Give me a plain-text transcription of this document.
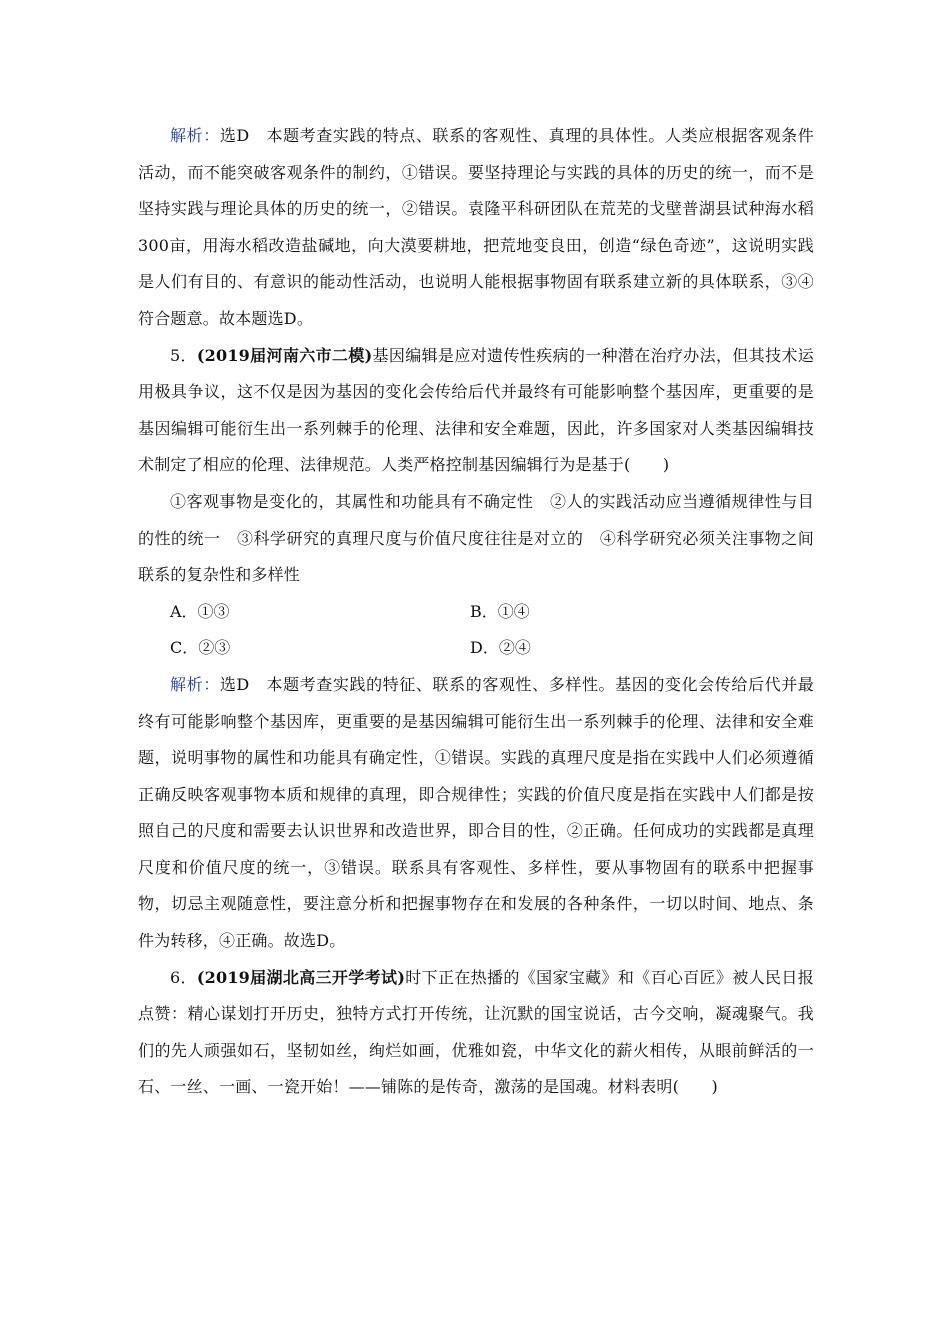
解析：选D　本题考查实践的特点、联系的客观性、真理的具体性。人类应根据客观条件活动，而不能突破客观条件的制约，①错误。要坚持理论与实践的具体的历史的统一，而不是坚持实践与理论具体的历史的统一，②错误。袁隆平科研团队在荒芜的戈壁普湖县试种海水稻300亩，用海水稻改造盐碱地，向大漠要耕地，把荒地变良田，创造“绿色奇迹”，这说明实践是人们有目的、有意识的能动性活动，也说明人能根据事物固有联系建立新的具体联系，③④符合题意。故本题选D。

5．(2019届河南六市二模)基因编辑是应对遗传性疾病的一种潜在治疗办法，但其技术运用极具争议，这不仅是因为基因的变化会传给后代并最终有可能影响整个基因库，更重要的是基因编辑可能衍生出一系列棘手的伦理、法律和安全难题，因此，许多国家对人类基因编辑技术制定了相应的伦理、法律规范。人类严格控制基因编辑行为是基于(　　)

①客观事物是变化的，其属性和功能具有不确定性　②人的实践活动应当遵循规律性与目的性的统一　③科学研究的真理尺度与价值尺度往往是对立的　④科学研究必须关注事物之间联系的复杂性和多样性

A．①③	B．①④
C．②③	D．②④

解析：选D　本题考查实践的特征、联系的客观性、多样性。基因的变化会传给后代并最终有可能影响整个基因库，更重要的是基因编辑可能衍生出一系列棘手的伦理、法律和安全难题，说明事物的属性和功能具有确定性，①错误。实践的真理尺度是指在实践中人们必须遵循正确反映客观事物本质和规律的真理，即合规律性；实践的价值尺度是指在实践中人们都是按照自己的尺度和需要去认识世界和改造世界，即合目的性，②正确。任何成功的实践都是真理尺度和价值尺度的统一，③错误。联系具有客观性、多样性，要从事物固有的联系中把握事物，切忌主观随意性，要注意分析和把握事物存在和发展的各种条件，一切以时间、地点、条件为转移，④正确。故选D。

6．(2019届湖北高三开学考试)时下正在热播的《国家宝藏》和《百心百匠》被人民日报点赞：精心谋划打开历史，独特方式打开传统，让沉默的国宝说话，古今交响，凝魂聚气。我们的先人顽强如石，坚韧如丝，绚烂如画，优雅如瓷，中华文化的薪火相传，从眼前鲜活的一石、一丝、一画、一瓷开始！——铺陈的是传奇，激荡的是国魂。材料表明(　　)
